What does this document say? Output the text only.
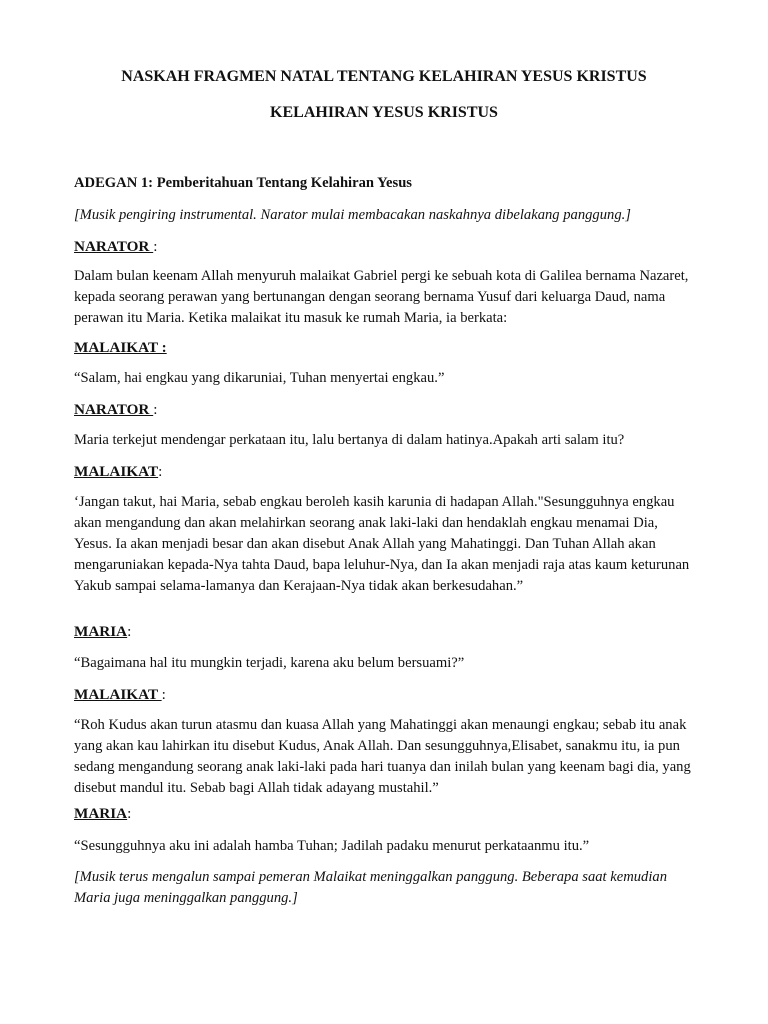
NASKAH FRAGMEN NATAL TENTANG KELAHIRAN YESUS KRISTUS
KELAHIRAN YESUS KRISTUS

ADEGAN 1: Pemberitahuan Tentang Kelahiran Yesus

[Musik pengiring instrumental. Narator mulai membacakan naskahnya dibelakang panggung.]

NARATOR :

Dalam bulan keenam Allah menyuruh malaikat Gabriel pergi ke sebuah kota di Galilea bernama Nazaret, kepada seorang perawan yang bertunangan dengan seorang bernama Yusuf dari keluarga Daud, nama perawan itu Maria. Ketika malaikat itu masuk ke rumah Maria, ia berkata:

MALAIKAT :

“Salam, hai engkau yang dikaruniai, Tuhan menyertai engkau.”

NARATOR :

Maria terkejut mendengar perkataan itu, lalu bertanya di dalam hatinya.Apakah arti salam itu?

MALAIKAT:

‘Jangan takut, hai Maria, sebab engkau beroleh kasih karunia di hadapan Allah."Sesungguhnya engkau akan mengandung dan akan melahirkan seorang anak laki-laki dan hendaklah engkau menamai Dia, Yesus. Ia akan menjadi besar dan akan disebut Anak Allah yang Mahatinggi. Dan Tuhan Allah akan mengaruniakan kepada-Nya tahta Daud, bapa leluhur-Nya, dan Ia akan menjadi raja atas kaum keturunan Yakub sampai selama-lamanya dan Kerajaan-Nya tidak akan berkesudahan.”

MARIA:

“Bagaimana hal itu mungkin terjadi, karena aku belum bersuami?”

MALAIKAT :

“Roh Kudus akan turun atasmu dan kuasa Allah yang Mahatinggi akan menaungi engkau; sebab itu anak yang akan kau lahirkan itu disebut Kudus, Anak Allah. Dan sesungguhnya,Elisabet, sanakmu itu, ia pun sedang mengandung seorang anak laki-laki pada hari tuanya dan inilah bulan yang keenam bagi dia, yang disebut mandul itu. Sebab bagi Allah tidak adayang mustahil.”

MARIA:

“Sesungguhnya aku ini adalah hamba Tuhan; Jadilah padaku menurut perkataanmu itu.”

[Musik terus mengalun sampai pemeran Malaikat meninggalkan panggung. Beberapa saat kemudian Maria juga meninggalkan panggung.]
